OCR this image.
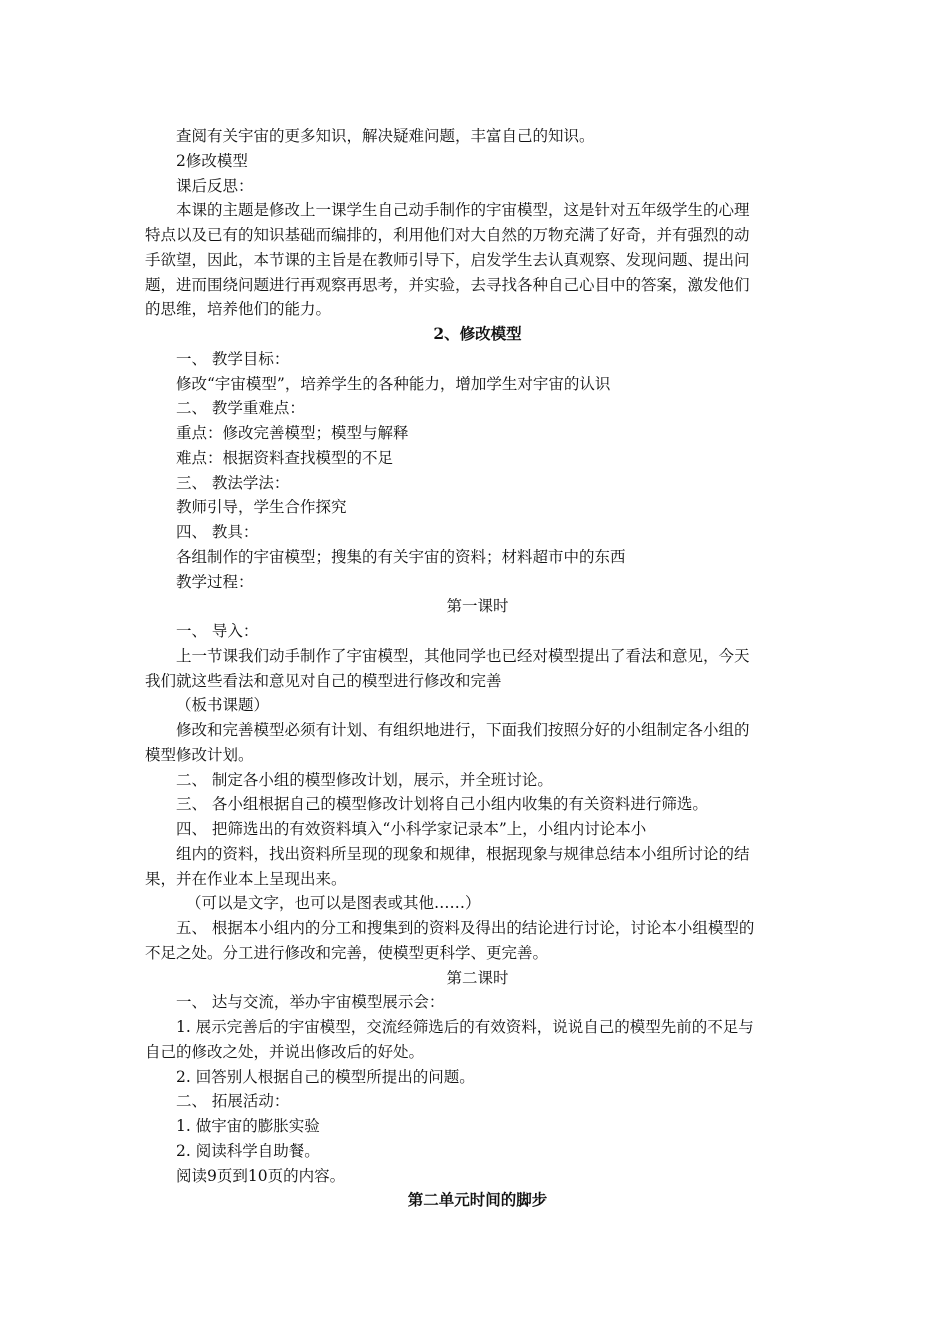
查阅有关宇宙的更多知识，解决疑难问题，丰富自己的知识。
2修改模型
课后反思：
本课的主题是修改上一课学生自己动手制作的宇宙模型，这是针对五年级学生的心理
特点以及已有的知识基础而编排的，利用他们对大自然的万物充满了好奇，并有强烈的动
手欲望，因此，本节课的主旨是在教师引导下，启发学生去认真观察、发现问题、提出问
题，进而围绕问题进行再观察再思考，并实验，去寻找各种自己心目中的答案，激发他们
的思维，培养他们的能力。
2、修改模型
一、 教学目标：
修改“宇宙模型”，培养学生的各种能力，增加学生对宇宙的认识
二、 教学重难点：
重点：修改完善模型；模型与解释
难点：根据资料查找模型的不足
三、 教法学法：
教师引导，学生合作探究
四、 教具：
各组制作的宇宙模型；搜集的有关宇宙的资料；材料超市中的东西
教学过程：
第一课时
一、 导入：
上一节课我们动手制作了宇宙模型，其他同学也已经对模型提出了看法和意见，今天
我们就这些看法和意见对自己的模型进行修改和完善
（板书课题）
修改和完善模型必须有计划、有组织地进行，下面我们按照分好的小组制定各小组的
模型修改计划。
二、 制定各小组的模型修改计划，展示，并全班讨论。
三、 各小组根据自己的模型修改计划将自己小组内收集的有关资料进行筛选。
四、 把筛选出的有效资料填入“小科学家记录本”上，小组内讨论本小
组内的资料，找出资料所呈现的现象和规律，根据现象与规律总结本小组所讨论的结
果，并在作业本上呈现出来。
（可以是文字，也可以是图表或其他……）
五、 根据本小组内的分工和搜集到的资料及得出的结论进行讨论，讨论本小组模型的
不足之处。分工进行修改和完善，使模型更科学、更完善。
第二课时
一、 达与交流，举办宇宙模型展示会：
1. 展示完善后的宇宙模型，交流经筛选后的有效资料，说说自己的模型先前的不足与
自己的修改之处，并说出修改后的好处。
2. 回答别人根据自己的模型所提出的问题。
二、 拓展活动：
1. 做宇宙的膨胀实验
2. 阅读科学自助餐。
阅读9页到10页的内容。
第二单元时间的脚步
